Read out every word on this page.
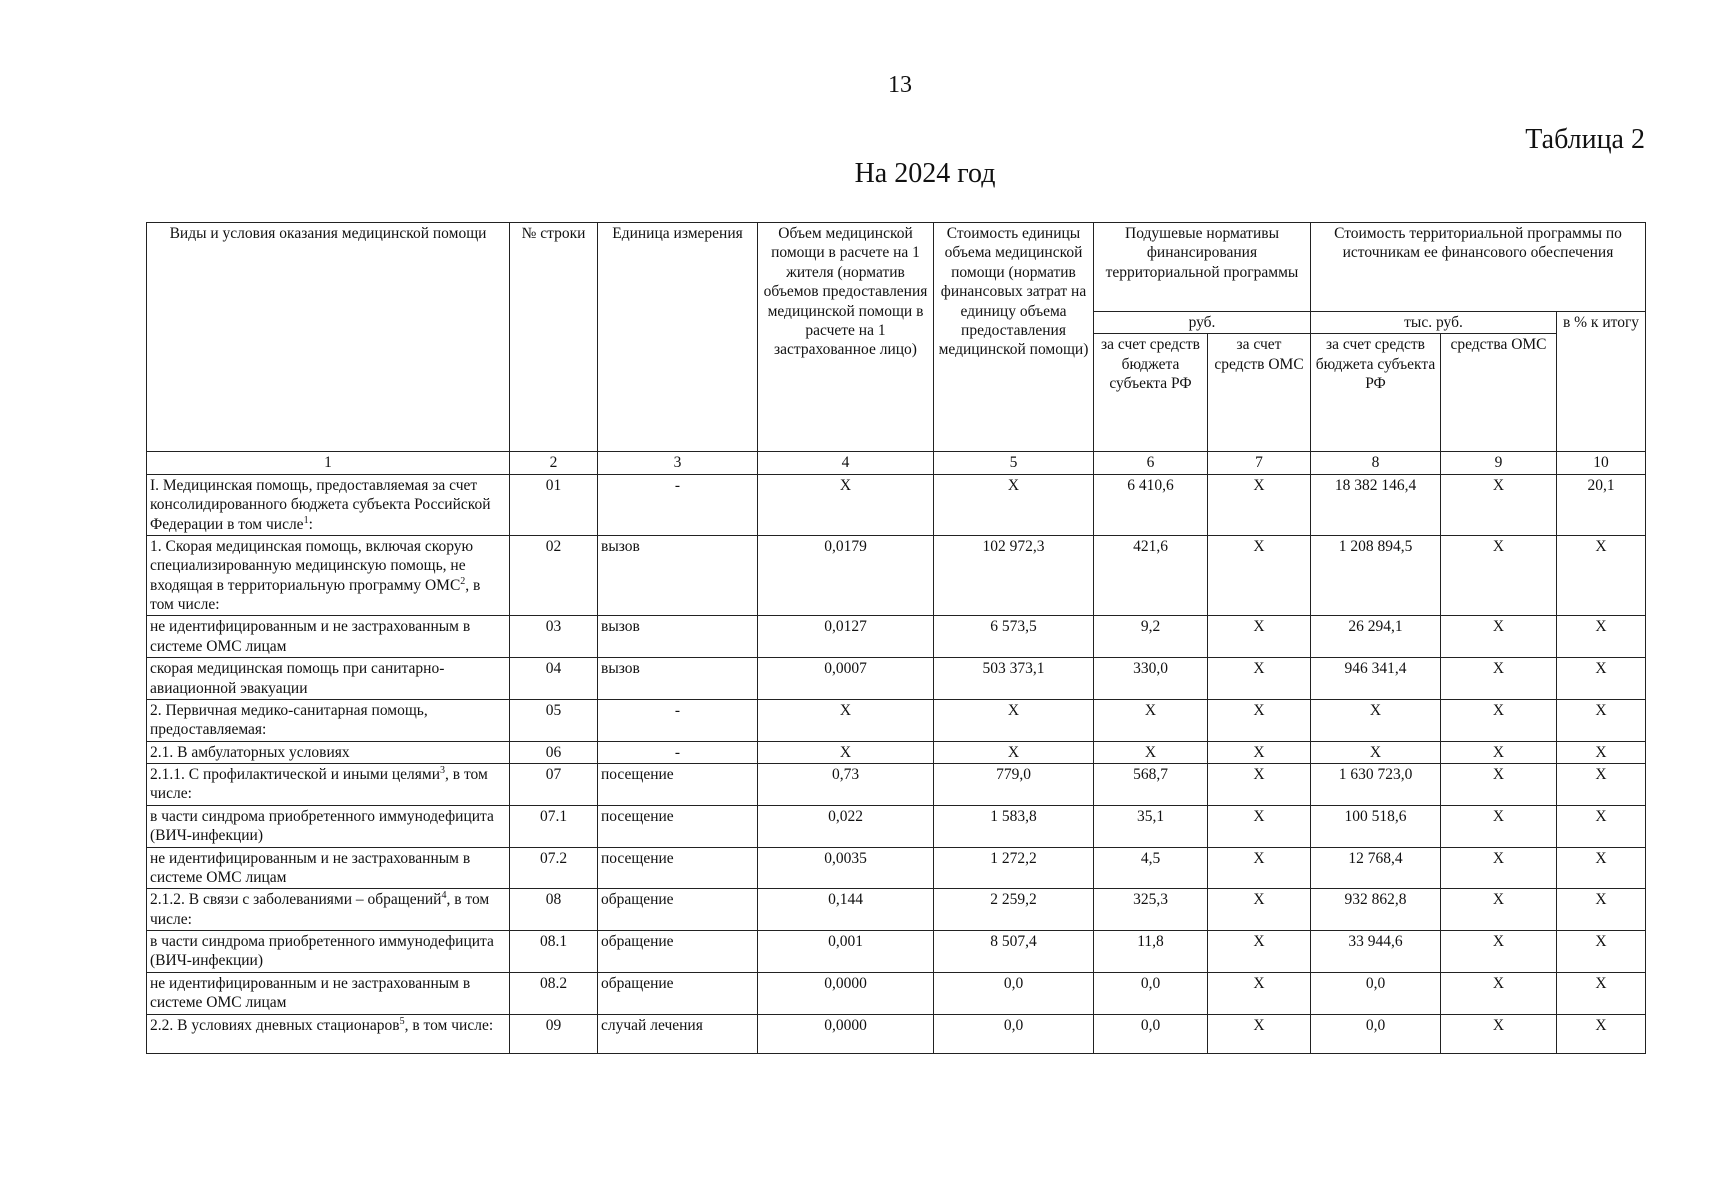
13
Таблица 2
На 2024 год
Виды и условия оказания медицинской помощи	№ строки	Единица измерения	Объем медицинской помощи в расчете на 1 жителя (норматив объемов предоставления медицинской помощи в расчете на 1 застрахованное лицо)	Стоимость единицы объема медицинской помощи (норматив финансовых затрат на единицу объема предоставления медицинской помощи)	Подушевые нормативы финансирования территориальной программы		Стоимость территориальной программы по источникам ее финансового обеспечения		
					руб.		тыс. руб.		в % к итогу
					за счет средств бюджета субъекта РФ	за счет средств ОМС	за счет средств бюджета субъекта РФ	средства ОМС	
1	2	3	4	5	6	7	8	9	10
I. Медицинская помощь, предоставляемая за счет консолидированного бюджета субъекта Российской Федерации в том числе$^1$:	01	-	X	X	6 410,6	X	18 382 146,4	X	20,1
1. Скорая медицинская помощь, включая скорую специализированную медицинскую помощь, не входящая в территориальную программу ОМС$^2$, в том числе:	02	вызов	0,0179	102 972,3	421,6	X	1 208 894,5	X	X
не идентифицированным и не застрахованным в системе ОМС лицам	03	вызов	0,0127	6 573,5	9,2	X	26 294,1	X	X
скорая медицинская помощь при санитарно-авиационной эвакуации	04	вызов	0,0007	503 373,1	330,0	X	946 341,4	X	X
2. Первичная медико-санитарная помощь, предоставляемая:	05	-	X	X	X	X	X	X	X
2.1. В амбулаторных условиях	06	-	X	X	X	X	X	X	X
2.1.1. С профилактической и иными целями$^3$, в том числе:	07	посещение	0,73	779,0	568,7	X	1 630 723,0	X	X
в части синдрома приобретенного иммунодефицита (ВИЧ-инфекции)	07.1	посещение	0,022	1 583,8	35,1	X	100 518,6	X	X
не идентифицированным и не застрахованным в системе ОМС лицам	07.2	посещение	0,0035	1 272,2	4,5	X	12 768,4	X	X
2.1.2. В связи с заболеваниями – обращений$^4$, в том числе:	08	обращение	0,144	2 259,2	325,3	X	932 862,8	X	X
в части синдрома приобретенного иммунодефицита (ВИЧ-инфекции)	08.1	обращение	0,001	8 507,4	11,8	X	33 944,6	X	X
не идентифицированным и не застрахованным в системе ОМС лицам	08.2	обращение	0,0000	0,0	0,0	X	0,0	X	X
2.2. В условиях дневных стационаров$^5$, в том числе:	09	случай лечения	0,0000	0,0	0,0	X	0,0	X	X
